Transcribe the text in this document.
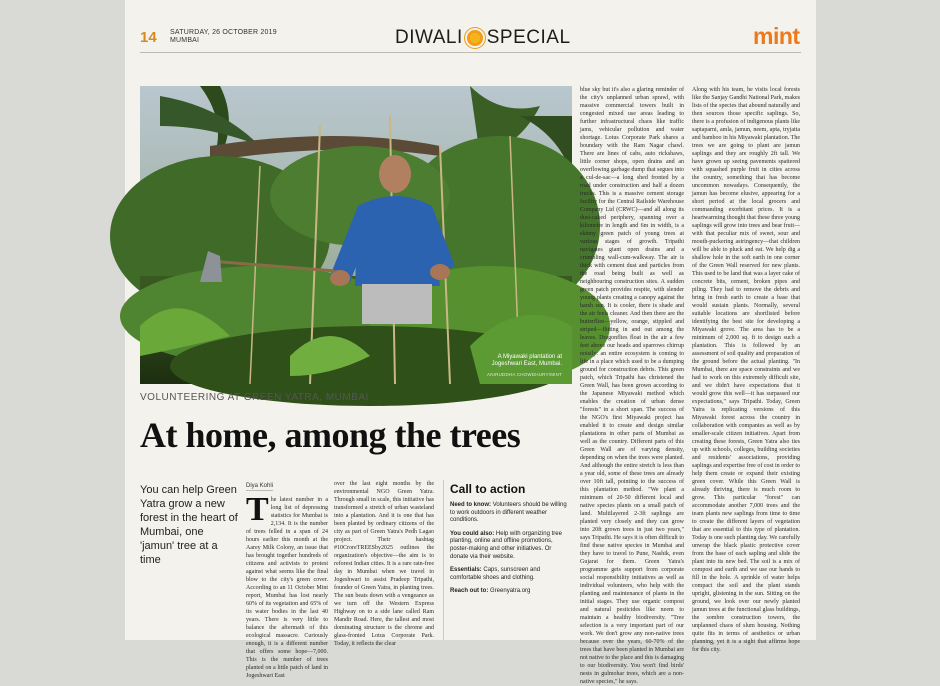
14 SATURDAY, 26 OCTOBER 2019
MUMBAI	DIWALI SPECIAL	mint
A Miyawaki plantation at Jogeshwari East, Mumbai.
ANIRUDDHA CHOWDHURY/MINT
VOLUNTEERING AT GREEN YATRA, MUMBAI
At home, among the trees
You can help Green Yatra grow a new forest in the heart of Mumbai, one 'jamun' tree at a time
Diya Kohli
T he latest number in a long list of depressing statistics for Mumbai is 2,134. It is the number of trees felled in a span of 24 hours earlier this month at the Aarey Milk Colony, an issue that has brought together hundreds of citizens and activists to protest against what seems like the final blow to the city's green cover. According to an 11 October Mint report, Mumbai has lost nearly 60% of its vegetation and 65% of its water bodies in the last 40 years. There is very little to balance the aftermath of this ecological massacre. Curiously enough, it is a different number that offers some hope—7,000. This is the number of trees planted on a little patch of land in Jogeshwari East

over the last eight months by the environmental NGO Green Yatra. Through small in scale, this initiative has transformed a stretch of urban wasteland into a plantation. And it is one that has been planted by ordinary citizens of the city as part of Green Yatra's Pedh Lagao project. Their hashtag #10CroreTREESby2025 outlines the organization's objective—the aim is to reforest Indian cities. It is a rare rain-free day in Mumbai when we travel to Jogeshwari to assist Pradeep Tripathi, founder of Green Yatra, in planting trees. The sun beats down with a vengeance as we turn off the Western Express Highway on to a side lane called Ram Mandir Road. Here, the tallest and most dominating structure is the chrome and glass-fronted Lotus Corporate Park. Today, it reflects the clear

Call to action

Need to know: Volunteers should be willing to work outdoors in different weather conditions.

You could also: Help with organizing tree planting, online and offline promotions, poster-making and other initiatives. Or donate via their website.

Essentials: Caps, sunscreen and comfortable shoes and clothing.

Reach out to: Greenyatra.org

blue sky but it's also a glaring reminder of the city's unplanned urban sprawl, with massive commercial towers built in congested mixed use areas leading to further infrastructural chaos like traffic jams, vehicular pollution and water shortage. Lotus Corporate Park shares a boundary with the Ram Nagar chawl. There are lines of cabs, auto rickshaws, little corner shops, open drains and an overflowing garbage dump that segues into a cul-de-sac—a long shed fronted by a road under construction and half a dozen trucks. This is a massive cement storage facility for the Central Railside Warehouse Company Ltd (CRWC)—and all along its dust-caked periphery, spanning over a kilometre in length and 6m in width, is a skinny green patch of young trees at various stages of growth. Tripathi navigates giant open drains and a crumbling wall-cum-walkway. The air is thick with cement dust and particles from the road being built as well as neighbouring construction sites. A sudden green patch provides respite, with slender young plants creating a canopy against the harsh sun. It is cooler, there is shade and the air feels cleaner. And then there are the butterflies—yellow, orange, stippled and striped—flitting in and out among the leaves. Dragonflies float in the air a few feet above our heads and sparrows chirrup noisily: an entire ecosystem is coming to life in a place which used to be a dumping ground for construction debris. This green patch, which Tripathi has christened the Green Wall, has been grown according to the Japanese Miyawaki method which enables the creation of urban dense "forests" in a short span. The success of the NGO's first Miyawaki project has enabled it to create and design similar plantations in other parts of Mumbai as well as the country. Different parts of this Green Wall are of varying density, depending on when the trees were planted. And although the entire stretch is less than a year old, some of these trees are already over 10ft tall, pointing to the success of this plantation method. "We plant a minimum of 20-50 different local and native species plants on a small patch of land. Multilayered 2-3ft saplings are planted very closely and they can grow into 20ft grown trees in just two years," says Tripathi. He says it is often difficult to find these native species in Mumbai and they have to travel to Pune, Nashik, even Gujarat for them. Green Yatra's programme gets support from corporate social responsibility initiatives as well as individual volunteers, who help with the planting and maintenance of plants in the initial stages. They use organic compost and natural pesticides like neem to maintain a healthy biodiversity. "Tree selection is a very important part of our work. We don't grow any non-native trees because over the years, 60-70% of the trees that have been planted in Mumbai are not native to the place and this is damaging to our biodiversity. You won't find birds' nests in gulmohar trees, which are a non-native species," he says.

Along with his team, he visits local forests like the Sanjay Gandhi National Park, makes lists of the species that abound naturally and then sources those specific saplings. So, there is a profusion of indigenous plants like saptaparni, amla, jamun, neem, apta, tryjatta and bamboo in his Miyawaki plantation. The trees we are going to plant are jamun saplings and they are roughly 2ft tall. We have grown up seeing pavements spattered with squashed purple fruit in cities across the country, something that has become uncommon nowadays. Consequently, the jamun has become elusive, appearing for a short period at the local grocers and commanding exorbitant prices. It is a heartwarming thought that these three young saplings will grow into trees and bear fruit—with that peculiar mix of sweet, sour and mouth-puckering astringency—that children will be able to pluck and eat. We help dig a shallow hole in the soft earth in one corner of the Green Wall reserved for new plants. This used to be land that was a layer cake of concrete bits, cement, broken pipes and piling. They had to remove the debris and bring in fresh earth to create a base that would sustain plants. Normally, several suitable locations are shortlisted before identifying the best site for developing a Miyawaki grove. The area has to be a minimum of 2,000 sq. ft to design such a plantation. This is followed by an assessment of soil quality and preparation of the ground before the actual planting. "In Mumbai, there are space constraints and we had to work on this extremely difficult site, and we didn't have expectations that it would grow this well—it has surpassed our expectations," says Tripathi. Today, Green Yatra is replicating versions of this Miyawaki forest across the country in collaboration with companies as well as by smaller-scale citizen initiatives. Apart from creating these forests, Green Yatra also ties up with schools, colleges, building societies and residents' associations, providing saplings and expertise free of cost in order to help them create or expand their existing green cover. While this Green Wall is already thriving, there is much room to grow. This particular "forest" can accommodate another 7,000 trees and the team plants new saplings from time to time to create the different layers of vegetation that are essential to this type of plantation. Today is one such planting day. We carefully unwrap the black plastic protective cover from the base of each sapling and slide the plant into its new bed. The soil is a mix of compost and earth and we use our hands to fill in the hole. A sprinkle of water helps compact the soil and the plant stands upright, glistening in the sun. Sitting on the ground, we look over our newly planted jamun trees at the functional glass buildings, the sombre construction towers, the unplanned chaos of slum housing. Nothing quite fits in terms of aesthetics or urban planning, yet it is a sight that affirms hope for this city.
